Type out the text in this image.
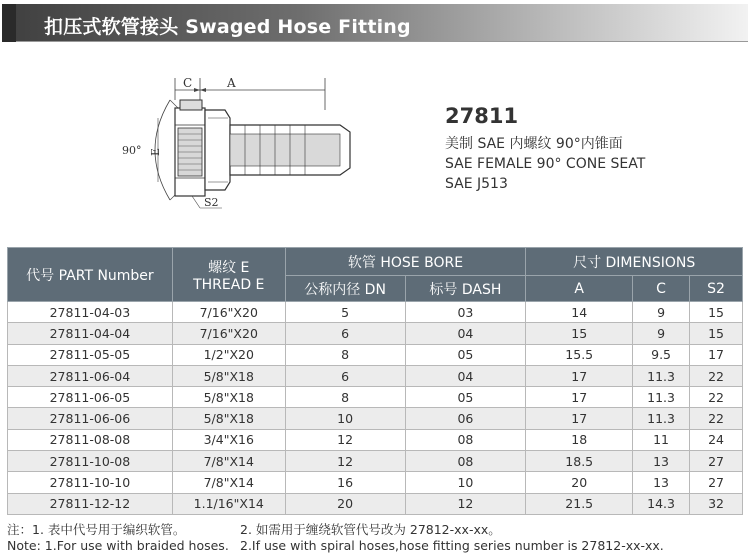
扣压式软管接头 Swaged Hose Fitting
C	A
90° E
S2
27811
美制 SAE 内螺纹 90°内锥面
SAE FEMALE 90° CONE SEAT
SAE J513
代号 PART Number	螺纹 E
THREAD E	软管 HOSE BORE		尺寸 DIMENSIONS		
		公称内径 DN	标号 DASH	A	C	S2
27811-04-03	7/16"X20	5	03	14	9	15
27811-04-04	7/16"X20	6	04	15	9	15
27811-05-05	1/2"X20	8	05	15.5	9.5	17
27811-06-04	5/8"X18	6	04	17	11.3	22
27811-06-05	5/8"X18	8	05	17	11.3	22
27811-06-06	5/8"X18	10	06	17	11.3	22
27811-08-08	3/4"X16	12	08	18	11	24
27811-10-08	7/8"X14	12	08	18.5	13	27
27811-10-10	7/8"X14	16	10	20	13	27
27811-12-12	1.1/16"X14	20	12	21.5	14.3	32
注：1. 表中代号用于编织软管。
Note: 1.For use with braided hoses.
2. 如需用于缠绕软管代号改为 27812-xx-xx。
2.If use with spiral hoses,hose fitting series number is 27812-xx-xx.
